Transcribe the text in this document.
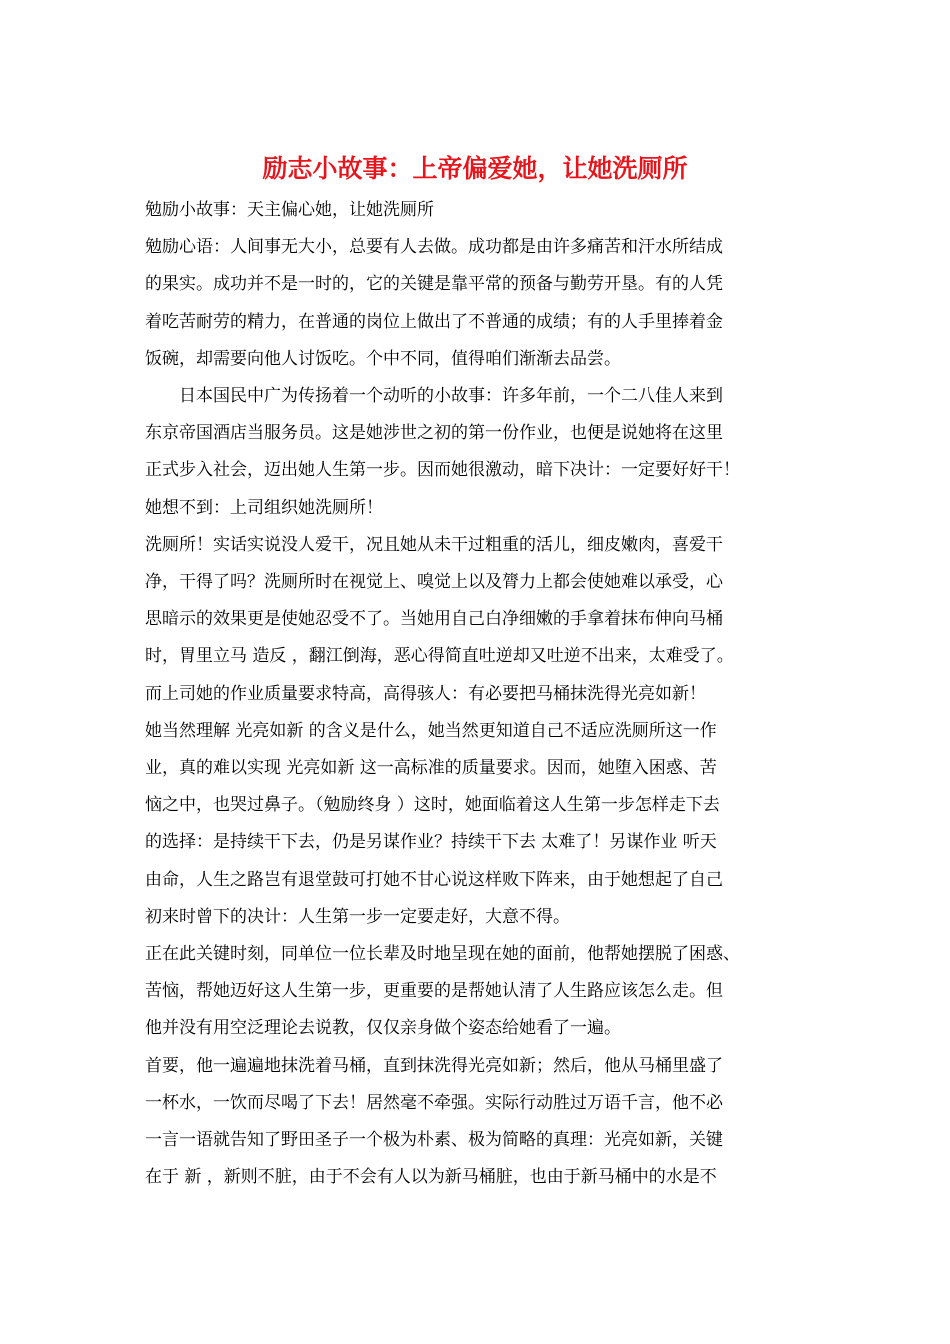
励志小故事：上帝偏爱她，让她洗厕所
勉励小故事：天主偏心她，让她洗厕所
勉励心语：人间事无大小，总要有人去做。成功都是由许多痛苦和汗水所结成
的果实。成功并不是一时的，它的关键是靠平常的预备与勤劳开垦。有的人凭
着吃苦耐劳的精力，在普通的岗位上做出了不普通的成绩；有的人手里捧着金
饭碗，却需要向他人讨饭吃。个中不同，值得咱们渐渐去品尝。
　　日本国民中广为传扬着一个动听的小故事：许多年前，一个二八佳人来到
东京帝国酒店当服务员。这是她涉世之初的第一份作业，也便是说她将在这里
正式步入社会，迈出她人生第一步。因而她很激动，暗下决计：一定要好好干！
她想不到：上司组织她洗厕所！
洗厕所！实话实说没人爱干，况且她从未干过粗重的活儿，细皮嫩肉，喜爱干
净，干得了吗？洗厕所时在视觉上、嗅觉上以及膂力上都会使她难以承受，心
思暗示的效果更是使她忍受不了。当她用自己白净细嫩的手拿着抹布伸向马桶
时，胃里立马 造反 ，翻江倒海，恶心得简直吐逆却又吐逆不出来，太难受了。
而上司她的作业质量要求特高，高得骇人：有必要把马桶抹洗得光亮如新！
她当然理解 光亮如新 的含义是什么，她当然更知道自己不适应洗厕所这一作
业，真的难以实现 光亮如新 这一高标准的质量要求。因而，她堕入困惑、苦
恼之中，也哭过鼻子。（勉励终身 ）这时，她面临着这人生第一步怎样走下去
的选择：是持续干下去，仍是另谋作业？持续干下去 太难了！另谋作业 听天
由命，人生之路岂有退堂鼓可打她不甘心说这样败下阵来，由于她想起了自己
初来时曾下的决计：人生第一步一定要走好，大意不得。
正在此关键时刻，同单位一位长辈及时地呈现在她的面前，他帮她摆脱了困惑、
苦恼，帮她迈好这人生第一步，更重要的是帮她认清了人生路应该怎么走。但
他并没有用空泛理论去说教，仅仅亲身做个姿态给她看了一遍。
首要，他一遍遍地抹洗着马桶，直到抹洗得光亮如新；然后，他从马桶里盛了
一杯水，一饮而尽喝了下去！居然毫不牵强。实际行动胜过万语千言，他不必
一言一语就告知了野田圣子一个极为朴素、极为简略的真理：光亮如新，关键
在于 新 ，新则不脏，由于不会有人以为新马桶脏，也由于新马桶中的水是不
